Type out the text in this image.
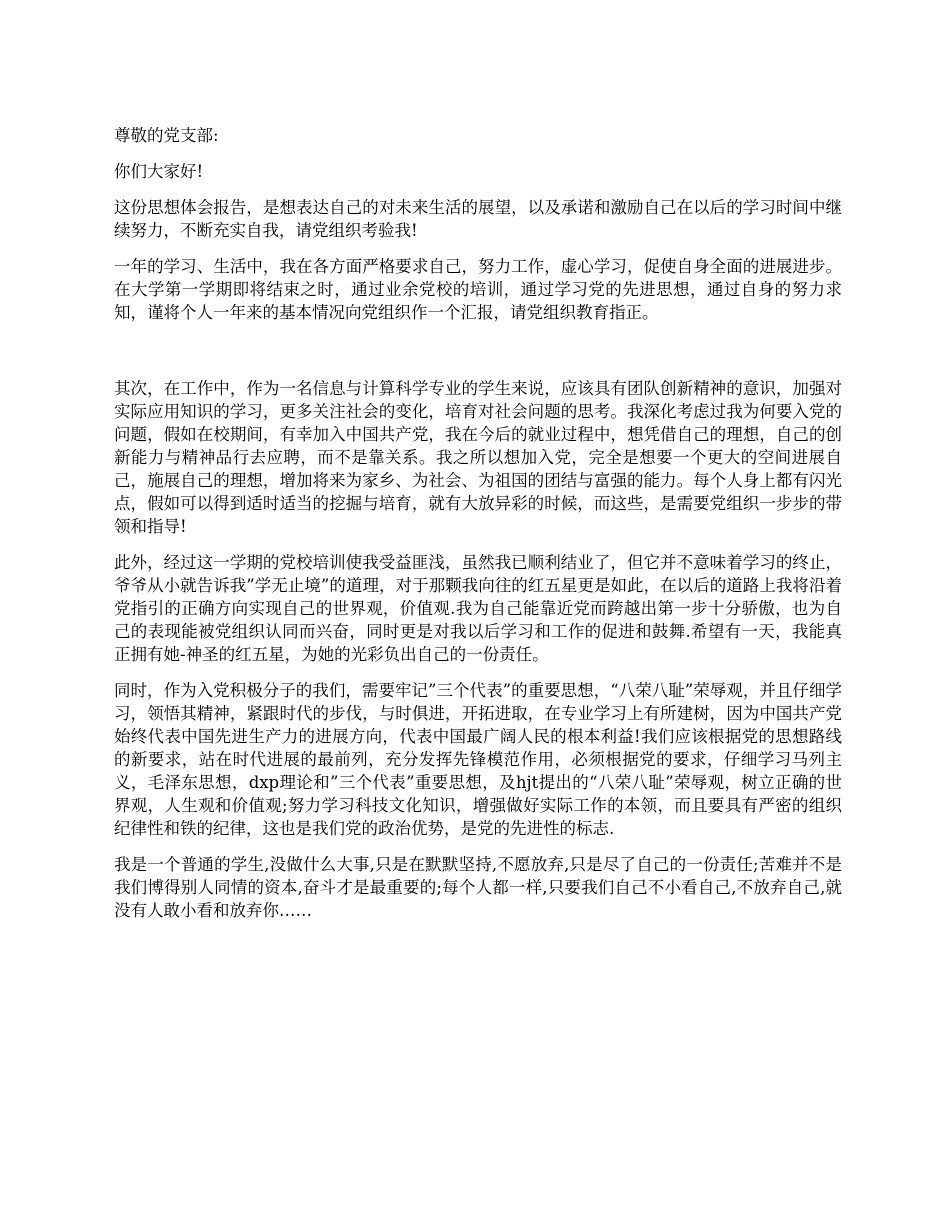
尊敬的党支部:

你们大家好!

这份思想体会报告，是想表达自己的对未来生活的展望，以及承诺和激励自己在以后的学习时间中继续努力，不断充实自我，请党组织考验我!

一年的学习、生活中，我在各方面严格要求自己，努力工作，虚心学习，促使自身全面的进展进步。在大学第一学期即将结束之时，通过业余党校的培训，通过学习党的先进思想，通过自身的努力求知，谨将个人一年来的基本情况向党组织作一个汇报，请党组织教育指正。

其次，在工作中，作为一名信息与计算科学专业的学生来说，应该具有团队创新精神的意识，加强对实际应用知识的学习，更多关注社会的变化，培育对社会问题的思考。我深化考虑过我为何要入党的问题，假如在校期间，有幸加入中国共产党，我在今后的就业过程中，想凭借自己的理想，自己的创新能力与精神品行去应聘，而不是靠关系。我之所以想加入党，完全是想要一个更大的空间进展自己，施展自己的理想，增加将来为家乡、为社会、为祖国的团结与富强的能力。每个人身上都有闪光点，假如可以得到适时适当的挖掘与培育，就有大放异彩的时候，而这些，是需要党组织一步步的带领和指导!

此外，经过这一学期的党校培训使我受益匪浅，虽然我已顺利结业了，但它并不意味着学习的终止，爷爷从小就告诉我”学无止境”的道理，对于那颗我向往的红五星更是如此，在以后的道路上我将沿着党指引的正确方向实现自己的世界观，价值观.我为自己能靠近党而跨越出第一步十分骄傲，也为自己的表现能被党组织认同而兴奋，同时更是对我以后学习和工作的促进和鼓舞.希望有一天，我能真正拥有她-神圣的红五星，为她的光彩负出自己的一份责任。

同时，作为入党积极分子的我们，需要牢记”三个代表”的重要思想，“八荣八耻”荣辱观，并且仔细学习，领悟其精神，紧跟时代的步伐，与时俱进，开拓进取，在专业学习上有所建树，因为中国共产党始终代表中国先进生产力的进展方向，代表中国最广阔人民的根本利益!我们应该根据党的思想路线的新要求，站在时代进展的最前列，充分发挥先锋模范作用，必须根据党的要求，仔细学习马列主义，毛泽东思想，dxp理论和”三个代表”重要思想，及hjt提出的“八荣八耻”荣辱观，树立正确的世界观，人生观和价值观;努力学习科技文化知识，增强做好实际工作的本领，而且要具有严密的组织纪律性和铁的纪律，这也是我们党的政治优势，是党的先进性的标志.

我是一个普通的学生,没做什么大事,只是在默默坚持,不愿放弃,只是尽了自己的一份责任;苦难并不是我们博得别人同情的资本,奋斗才是最重要的;每个人都一样,只要我们自己不小看自己,不放弃自己,就没有人敢小看和放弃你……
